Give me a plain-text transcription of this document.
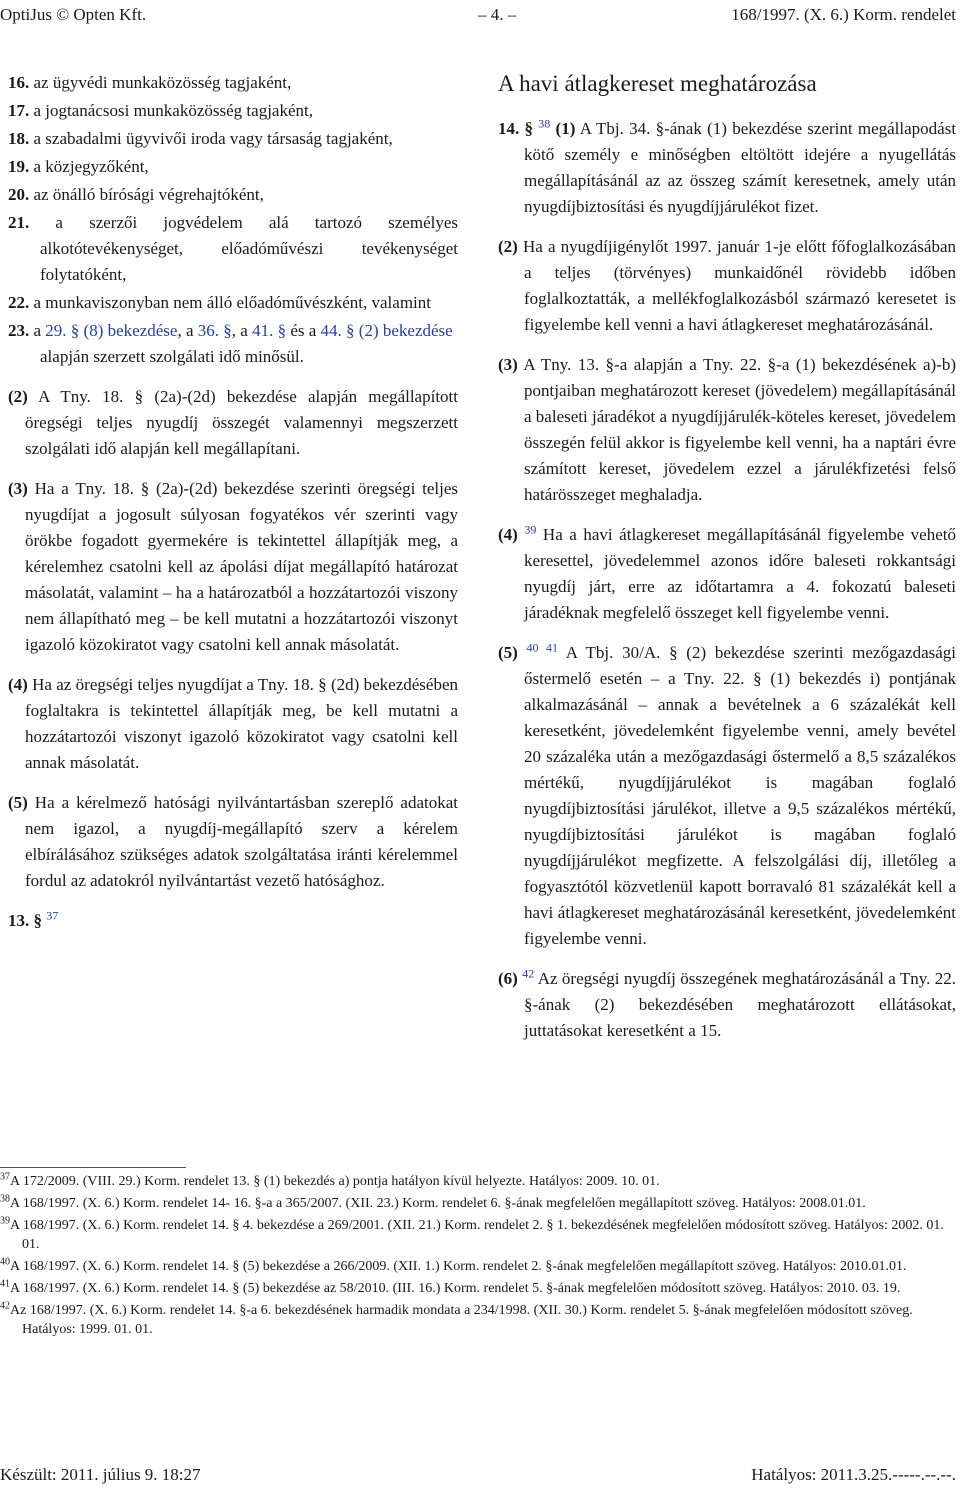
OptiJus © Opten Kft.	– 4. –	168/1997. (X. 6.) Korm. rendelet
16. az ügyvédi munkaközösség tagjaként,
17. a jogtanácsosi munkaközösség tagjaként,
18. a szabadalmi ügyvivői iroda vagy társaság tagjaként,
19. a közjegyzőként,
20. az önálló bírósági végrehajtóként,
21. a szerzői jogvédelem alá tartozó személyes alkotótevékenységet, előadóművészi tevékenységet folytatóként,
22. a munkaviszonyban nem álló előadóművészként, valamint
23. a 29. § (8) bekezdése, a 36. §, a 41. § és a 44. § (2) bekezdése alapján szerzett szolgálati idő minősül.

(2) A Tny. 18. § (2a)-(2d) bekezdése alapján megállapított öregségi teljes nyugdíj összegét valamennyi megszerzett szolgálati idő alapján kell megállapítani.

(3) Ha a Tny. 18. § (2a)-(2d) bekezdése szerinti öregségi teljes nyugdíjat a jogosult súlyosan fogyatékos vér szerinti vagy örökbe fogadott gyermekére is tekintettel állapítják meg, a kérelemhez csatolni kell az ápolási díjat megállapító határozat másolatát, valamint – ha a határozatból a hozzátartozói viszony nem állapítható meg – be kell mutatni a hozzátartozói viszonyt igazoló közokiratot vagy csatolni kell annak másolatát.

(4) Ha az öregségi teljes nyugdíjat a Tny. 18. § (2d) bekezdésében foglaltakra is tekintettel állapítják meg, be kell mutatni a hozzátartozói viszonyt igazoló közokiratot vagy csatolni kell annak másolatát.

(5) Ha a kérelmező hatósági nyilvántartásban szereplő adatokat nem igazol, a nyugdíj-megállapító szerv a kérelem elbírálásához szükséges adatok szolgáltatása iránti kérelemmel fordul az adatokról nyilvántartást vezető hatósághoz.

13. § $^{37}$
A havi átlagkereset meghatározása

14. § $^{38}$ (1) A Tbj. 34. §-ának (1) bekezdése szerint megállapodást kötő személy e minőségben eltöltött idejére a nyugellátás megállapításánál az az összeg számít keresetnek, amely után nyugdíjbiztosítási és nyugdíjjárulékot fizet.

(2) Ha a nyugdíjigénylőt 1997. január 1-je előtt főfoglalkozásában a teljes (törvényes) munkaidőnél rövidebb időben foglalkoztatták, a mellékfoglalkozásból származó keresetet is figyelembe kell venni a havi átlagkereset meghatározásánál.

(3) A Tny. 13. §-a alapján a Tny. 22. §-a (1) bekezdésének a)-b) pontjaiban meghatározott kereset (jövedelem) megállapításánál a baleseti járadékot a nyugdíjjárulék-köteles kereset, jövedelem összegén felül akkor is figyelembe kell venni, ha a naptári évre számított kereset, jövedelem ezzel a járulékfizetési felső határösszeget meghaladja.

(4) $^{39}$ Ha a havi átlagkereset megállapításánál figyelembe vehető keresettel, jövedelemmel azonos időre baleseti rokkantsági nyugdíj járt, erre az időtartamra a 4. fokozatú baleseti járadéknak megfelelő összeget kell figyelembe venni.

(5) $^{40 41}$ A Tbj. 30/A. § (2) bekezdése szerinti mezőgazdasági őstermelő esetén – a Tny. 22. § (1) bekezdés i) pontjának alkalmazásánál – annak a bevételnek a 6 százalékát kell keresetként, jövedelemként figyelembe venni, amely bevétel 20 százaléka után a mezőgazdasági őstermelő a 8,5 százalékos mértékű, nyugdíjjárulékot is magában foglaló nyugdíjbiztosítási járulékot, illetve a 9,5 százalékos mértékű, nyugdíjbiztosítási járulékot is magában foglaló nyugdíjjárulékot megfizette. A felszolgálási díj, illetőleg a fogyasztótól közvetlenül kapott borravaló 81 százalékát kell a havi átlagkereset meghatározásánál keresetként, jövedelemként figyelembe venni.

(6) $^{42}$ Az öregségi nyugdíj összegének meghatározásánál a Tny. 22. §-ának (2) bekezdésében meghatározott ellátásokat, juttatásokat keresetként a 15.

$^{37}$A 172/2009. (VIII. 29.) Korm. rendelet 13. § (1) bekezdés a) pontja hatályon kívül helyezte. Hatályos: 2009. 10. 01.
$^{38}$A 168/1997. (X. 6.) Korm. rendelet 14- 16. §-a a 365/2007. (XII. 23.) Korm. rendelet 6. §-ának megfelelően megállapított szöveg. Hatályos: 2008.01.01.
$^{39}$A 168/1997. (X. 6.) Korm. rendelet 14. § 4. bekezdése a 269/2001. (XII. 21.) Korm. rendelet 2. § 1. bekezdésének megfelelően módosított szöveg. Hatályos: 2002. 01. 01.
$^{40}$A 168/1997. (X. 6.) Korm. rendelet 14. § (5) bekezdése a 266/2009. (XII. 1.) Korm. rendelet 2. §-ának megfelelően megállapított szöveg. Hatályos: 2010.01.01.
$^{41}$A 168/1997. (X. 6.) Korm. rendelet 14. § (5) bekezdése az 58/2010. (III. 16.) Korm. rendelet 5. §-ának megfelelően módosított szöveg. Hatályos: 2010. 03. 19.
$^{42}$Az 168/1997. (X. 6.) Korm. rendelet 14. §-a 6. bekezdésének harmadik mondata a 234/1998. (XII. 30.) Korm. rendelet 5. §-ának megfelelően módosított szöveg. Hatályos: 1999. 01. 01.
Készült: 2011. július 9. 18:27	Hatályos: 2011.3.25.-----.--.--.
